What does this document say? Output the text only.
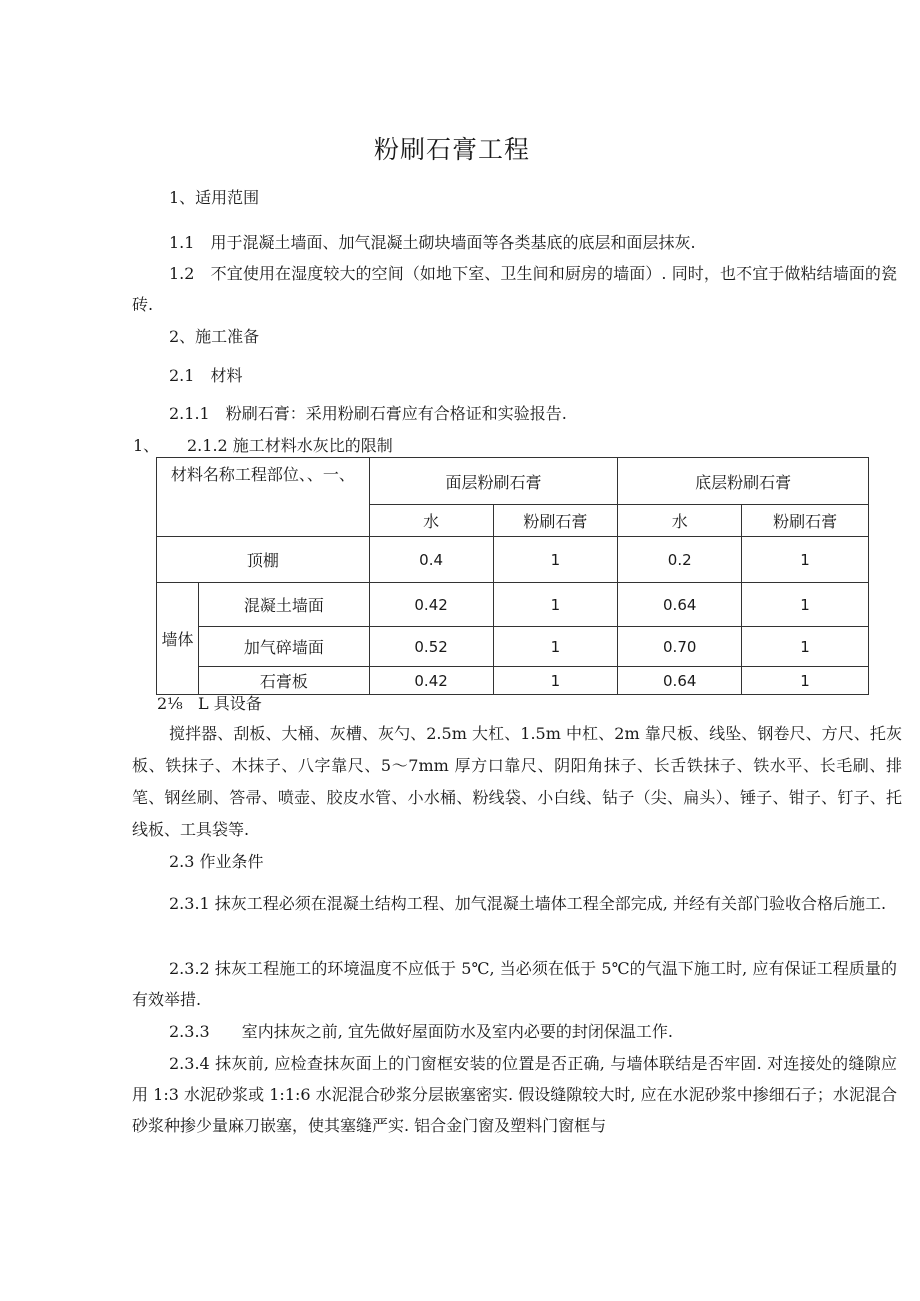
粉刷石膏工程
1、适用范围
1.1　用于混凝土墙面、加气混凝土砌块墙面等各类基底的底层和面层抹灰.
1.2　不宜使用在湿度较大的空间（如地下室、卫生间和厨房的墙面）. 同时，也不宜于做粘结墙面的瓷砖.
2、施工准备
2.1　材料
2.1.1　粉刷石膏：采用粉刷石膏应有合格证和实验报告.
1、 2.1.2 施工材料水灰比的限制
材料名称工程部位、、一、		面层粉刷石膏		底层粉刷石膏	
		水	粉刷石膏	水	粉刷石膏
顶棚		0.4	1	0.2	1
墙体	混凝土墙面	0.42	1	0.64	1
	加气碎墙面	0.52	1	0.70	1
	石膏板	0.42	1	0.64	1
2⅛ L 具设备
搅拌器、刮板、大桶、灰槽、灰勺、2.5m 大杠、1.5m 中杠、2m 靠尺板、线坠、钢卷尺、方尺、托灰板、铁抹子、木抹子、八字靠尺、5～7mm 厚方口靠尺、阴阳角抹子、长舌铁抹子、铁水平、长毛刷、排笔、钢丝刷、答帚、喷壶、胶皮水管、小水桶、粉线袋、小白线、钻子（尖、扁头）、锤子、钳子、钉子、托线板、工具袋等.
2.3 作业条件
2.3.1 抹灰工程必须在混凝土结构工程、加气混凝土墙体工程全部完成, 并经有关部门验收合格后施工.
2.3.2 抹灰工程施工的环境温度不应低于 5℃, 当必须在低于 5℃的气温下施工时, 应有保证工程质量的有效举措.
2.3.3　　室内抹灰之前, 宜先做好屋面防水及室内必要的封闭保温工作.
2.3.4 抹灰前, 应检查抹灰面上的门窗框安装的位置是否正确, 与墙体联结是否牢固. 对连接处的缝隙应用 1:3 水泥砂浆或 1:1:6 水泥混合砂浆分层嵌塞密实. 假设缝隙较大时, 应在水泥砂浆中掺细石子；水泥混合砂浆种掺少量麻刀嵌塞，使其塞缝严实. 铝合金门窗及塑料门窗框与
